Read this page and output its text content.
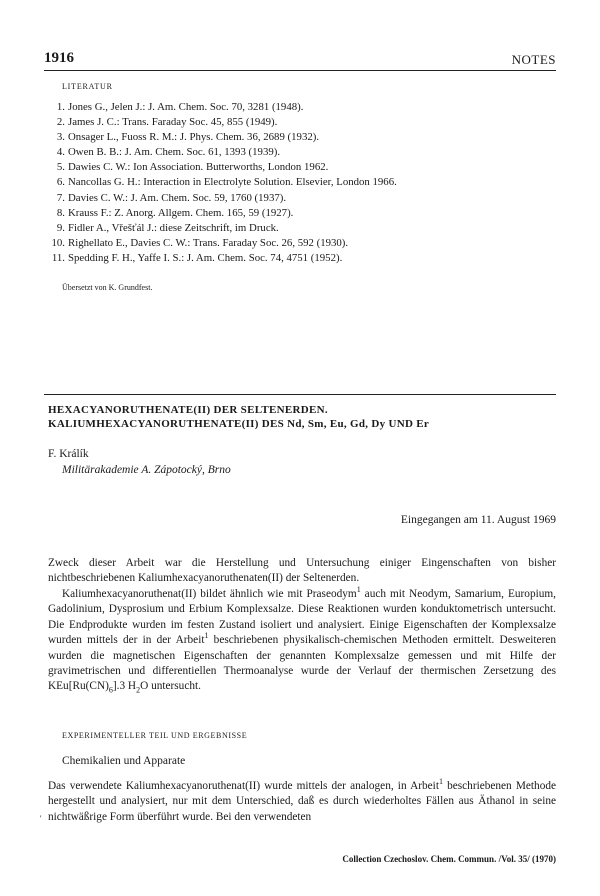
1916	NOTES
LITERATUR
1. Jones G., Jelen J.: J. Am. Chem. Soc. 70, 3281 (1948).
2. James J. C.: Trans. Faraday Soc. 45, 855 (1949).
3. Onsager L., Fuoss R. M.: J. Phys. Chem. 36, 2689 (1932).
4. Owen B. B.: J. Am. Chem. Soc. 61, 1393 (1939).
5. Dawies C. W.: Ion Association. Butterworths, London 1962.
6. Nancollas G. H.: Interaction in Electrolyte Solution. Elsevier, London 1966.
7. Davies C. W.: J. Am. Chem. Soc. 59, 1760 (1937).
8. Krauss F.: Z. Anorg. Allgem. Chem. 165, 59 (1927).
9. Fidler A., Vřešťál J.: diese Zeitschrift, im Druck.
10. Righellato E., Davies C. W.: Trans. Faraday Soc. 26, 592 (1930).
11. Spedding F. H., Yaffe I. S.: J. Am. Chem. Soc. 74, 4751 (1952).
Übersetzt von K. Grundfest.
HEXACYANORUTHENATE(II) DER SELTENERDEN.
KALIUMHEXACYANORUTHENATE(II) DES Nd, Sm, Eu, Gd, Dy UND Er
F. Králík
Militärakademie A. Zápotocký, Brno
Eingegangen am 11. August 1969

Zweck dieser Arbeit war die Herstellung und Untersuchung einiger Eingenschaften von bisher nichtbeschriebenen Kaliumhexacyanoruthenaten(II) der Seltenerden.

Kaliumhexacyanoruthenat(II) bildet ähnlich wie mit Praseodym$^1$ auch mit Neodym, Samarium, Europium, Gadolinium, Dysprosium und Erbium Komplexsalze. Diese Reaktionen wurden konduktometrisch untersucht. Die Endprodukte wurden im festen Zustand isoliert und analysiert. Einige Eigenschaften der Komplexsalze wurden mittels der in der Arbeit$^1$ beschriebenen physikalisch-chemischen Methoden ermittelt. Desweiteren wurden die magnetischen Eigenschaften der genannten Komplexsalze gemessen und mit Hilfe der gravimetrischen und differentiellen Thermoanalyse wurde der Verlauf der thermischen Zersetzung des $KEu[Ru(CN)_6].3$ $H_2O$ untersucht.

EXPERIMENTELLER TEIL UND ERGEBNISSE
Chemikalien und Apparate

Das verwendete Kaliumhexacyanoruthenat(II) wurde mittels der analogen, in Arbeit$^1$ beschriebenen Methode hergestellt und analysiert, nur mit dem Unterschied, daß es durch wiederholtes Fällen aus Äthanol in seine nichtwäßrige Form überführt wurde. Bei den verwendeten

'
Collection Czechoslov. Chem. Commun. /Vol. 35/ (1970)
